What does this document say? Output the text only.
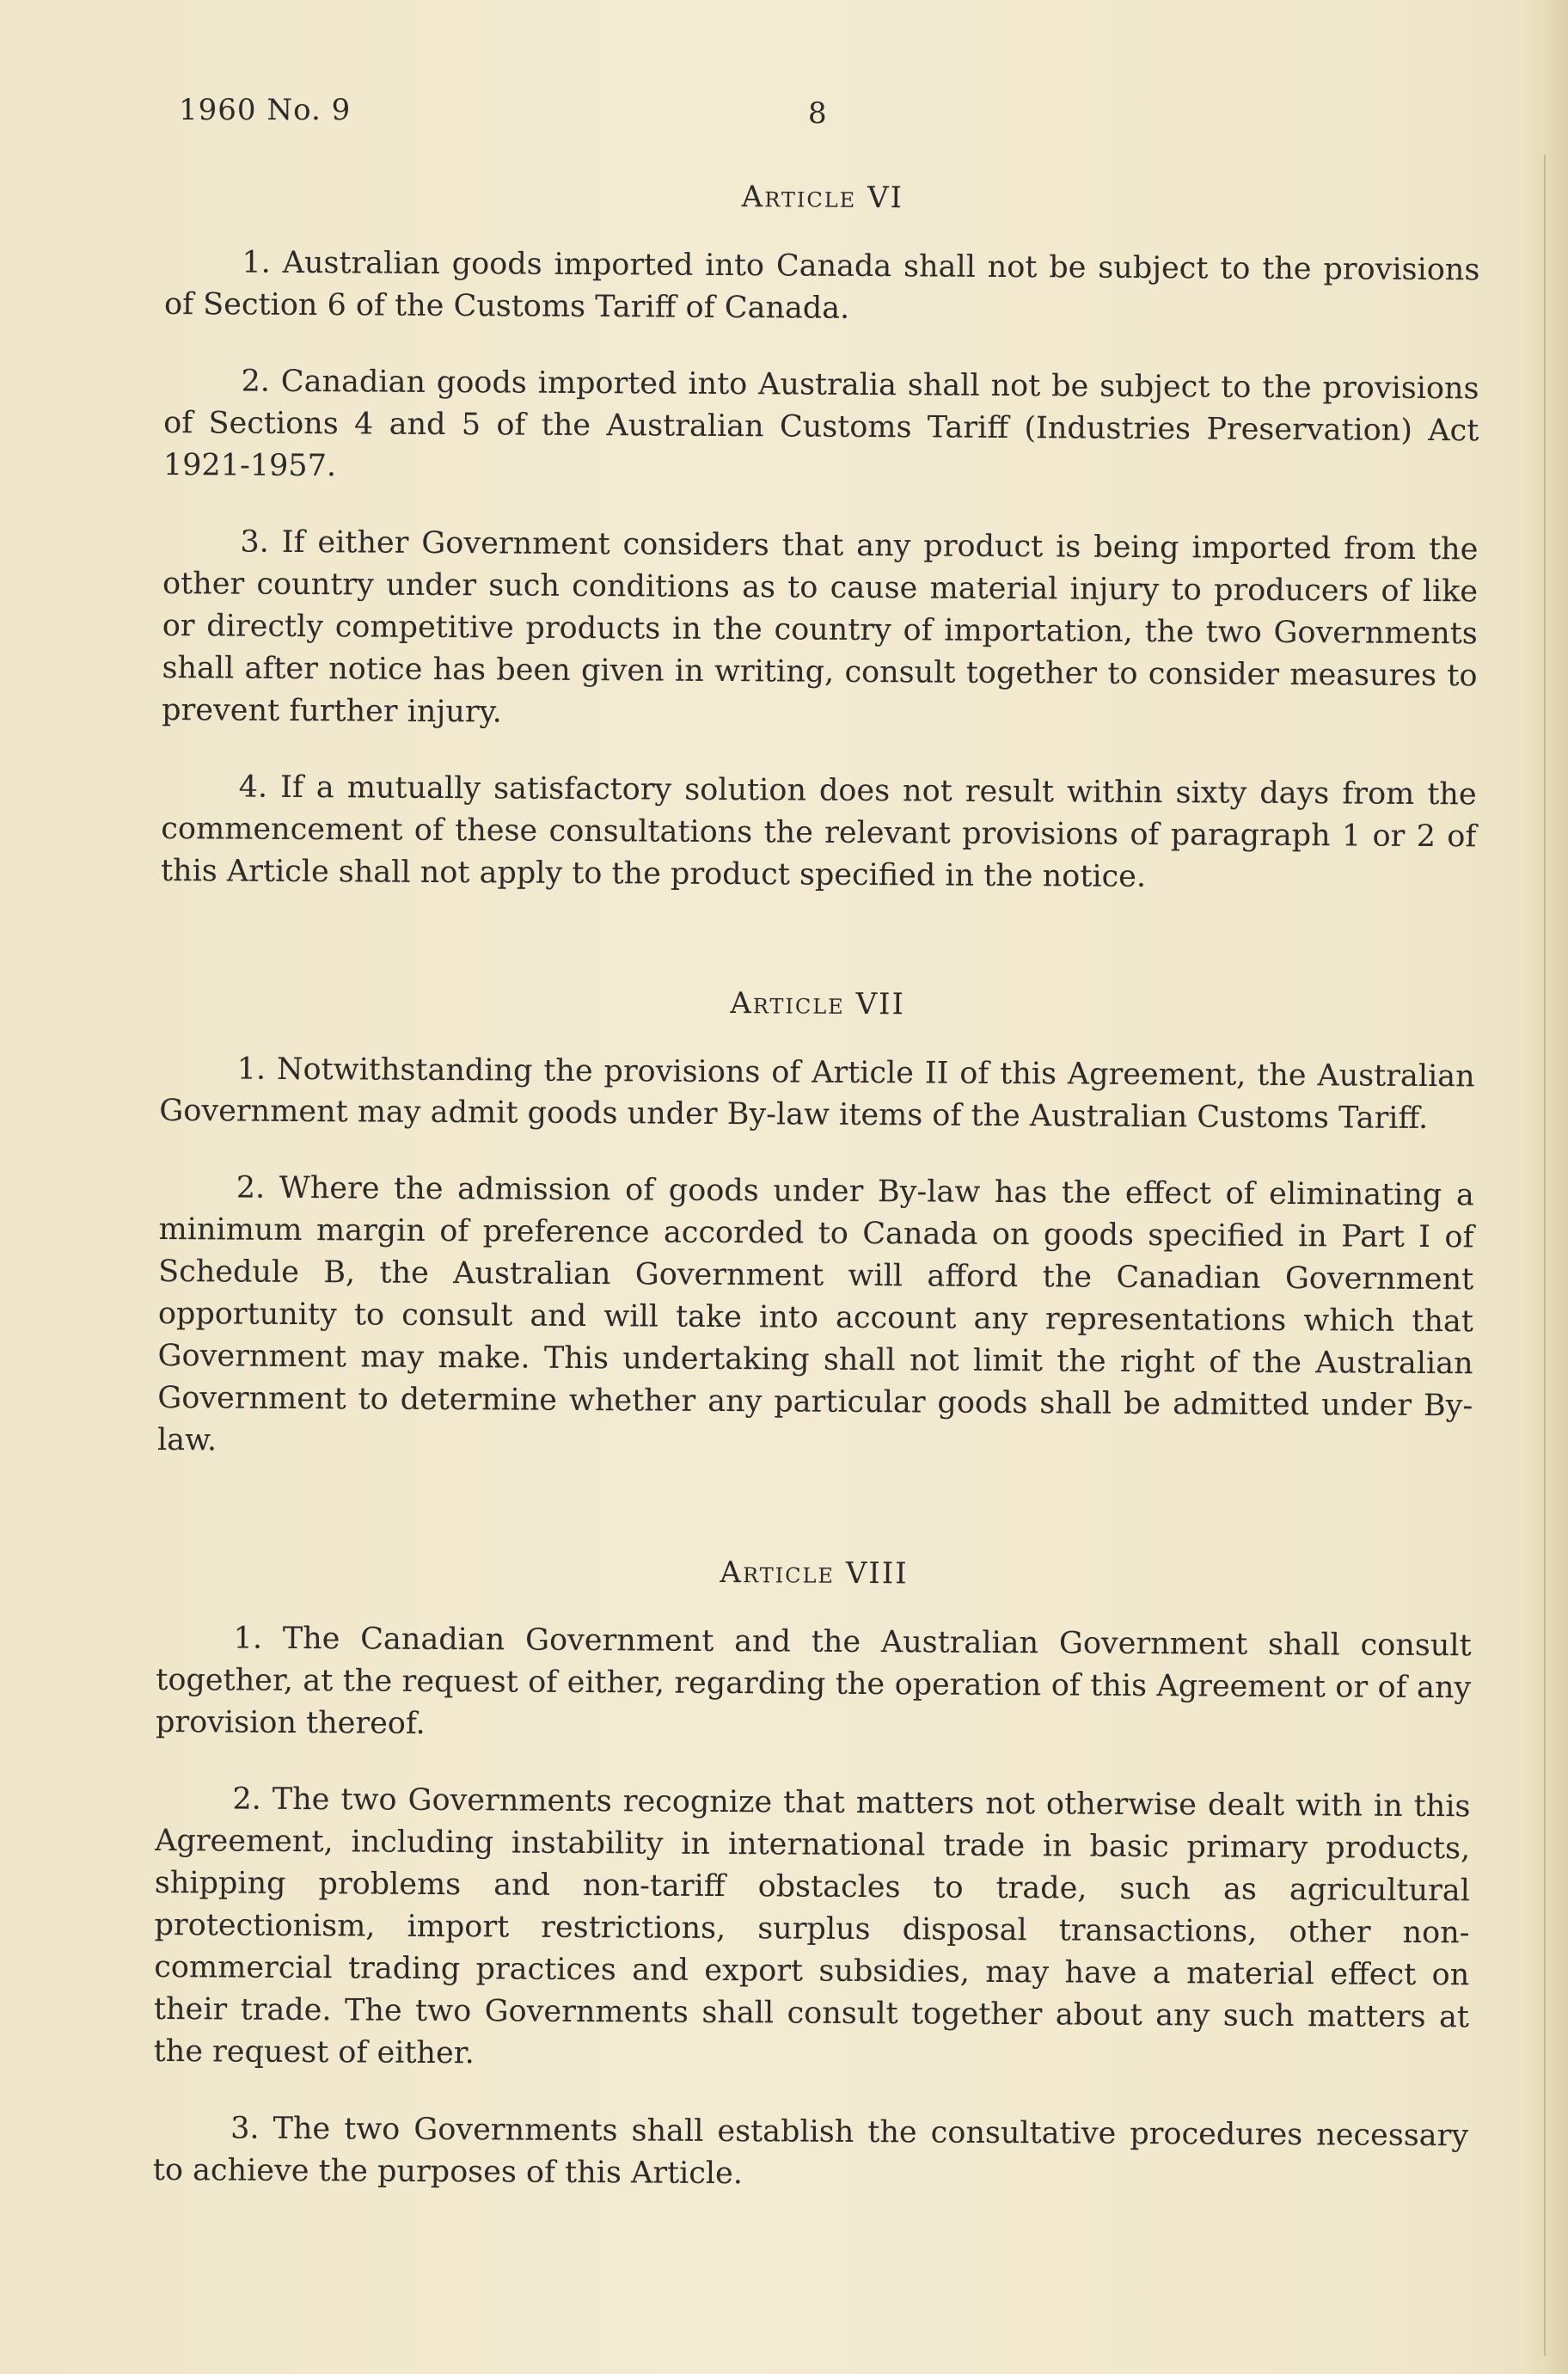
1960 No. 9	8
Article VI

1. Australian goods imported into Canada shall not be subject to the provisions of Section 6 of the Customs Tariff of Canada.

2. Canadian goods imported into Australia shall not be subject to the provisions of Sections 4 and 5 of the Australian Customs Tariff (Industries Preservation) Act 1921-1957.

3. If either Government considers that any product is being imported from the other country under such conditions as to cause material injury to producers of like or directly competitive products in the country of importation, the two Governments shall after notice has been given in writing, consult together to consider measures to prevent further injury.

4. If a mutually satisfactory solution does not result within sixty days from the commencement of these consultations the relevant provisions of paragraph 1 or 2 of this Article shall not apply to the product specified in the notice.

Article VII

1. Notwithstanding the provisions of Article II of this Agreement, the Australian Government may admit goods under By-law items of the Australian Customs Tariff.

2. Where the admission of goods under By-law has the effect of eliminating a minimum margin of preference accorded to Canada on goods specified in Part I of Schedule B, the Australian Government will afford the Canadian Government opportunity to consult and will take into account any representations which that Government may make. This undertaking shall not limit the right of the Australian Government to determine whether any particular goods shall be admitted under By-law.

Article VIII

1. The Canadian Government and the Australian Government shall consult together, at the request of either, regarding the operation of this Agreement or of any provision thereof.

2. The two Governments recognize that matters not otherwise dealt with in this Agreement, including instability in international trade in basic primary products, shipping problems and non-tariff obstacles to trade, such as agricultural protectionism, import restrictions, surplus disposal transactions, other non-commercial trading practices and export subsidies, may have a material effect on their trade. The two Governments shall consult together about any such matters at the request of either.

3. The two Governments shall establish the consultative procedures necessary to achieve the purposes of this Article.
